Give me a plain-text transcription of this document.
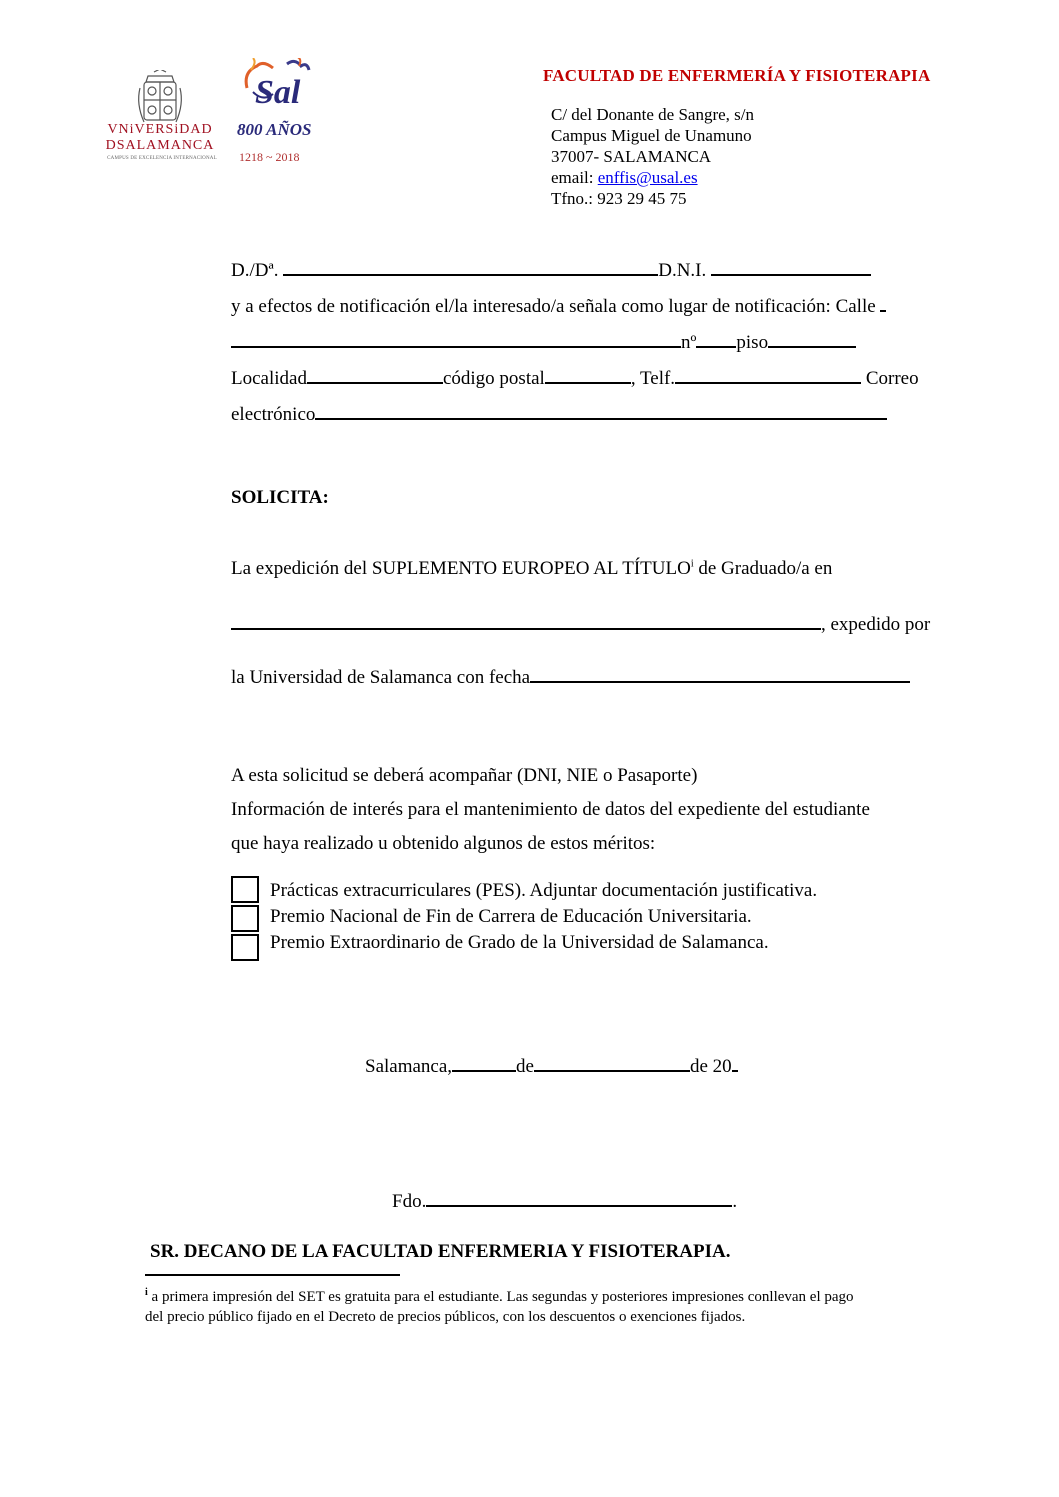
VNiVERSiDAD
DSALAMANCA
CAMPUS DE EXCELENCIA INTERNACIONAL
Sal
800 AÑOS
1218 ~ 2018
FACULTAD DE ENFERMERÍA Y FISIOTERAPIA
C/ del Donante de Sangre, s/n
Campus Miguel de Unamuno
37007- SALAMANCA
email: enffis@usal.es
Tfno.: 923 29 45 75
D./Dª.	D.N.I.
y a efectos de notificación el/la interesado/a señala como lugar de notificación: Calle
nº piso
Localidad	código postal	, Telf.	Correo
electrónico
SOLICITA:
La expedición del SUPLEMENTO EUROPEO AL TÍTULO$^i$ de Graduado/a en
, expedido por
la Universidad de Salamanca con fecha
A esta solicitud se deberá acompañar (DNI, NIE o Pasaporte)
Información de interés para el mantenimiento de datos del expediente del estudiante
que haya realizado u obtenido algunos de estos méritos:
Prácticas extracurriculares (PES). Adjuntar documentación justificativa.
Premio Nacional de Fin de Carrera de Educación Universitaria.
Premio Extraordinario de Grado de la Universidad de Salamanca.
Salamanca,	de	de 20
Fdo.	.
SR. DECANO DE LA FACULTAD ENFERMERIA Y FISIOTERAPIA.
$^i$ a primera impresión del SET es gratuita para el estudiante. Las segundas y posteriores impresiones conllevan el pago
del precio público fijado en el Decreto de precios públicos, con los descuentos o exenciones fijados.
